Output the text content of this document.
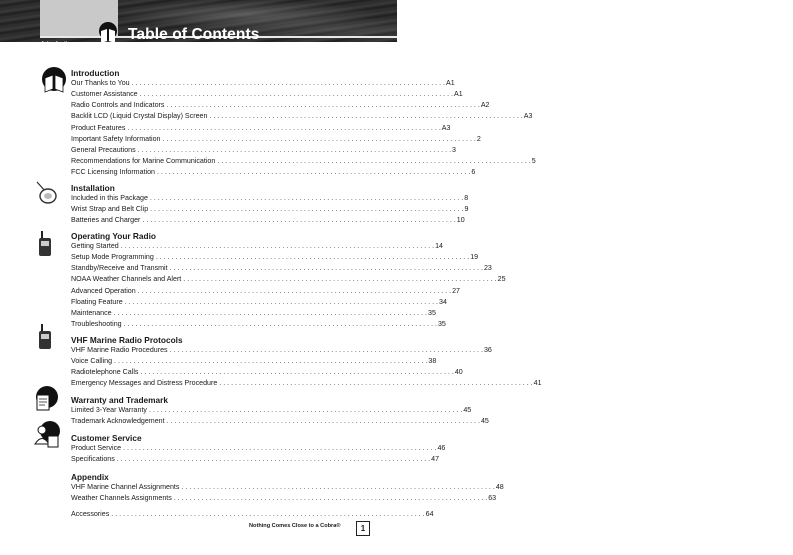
Introduction
Table of Contents
Introduction
Our Thanks to You . . .	A1
Customer Assistance . . .	A1
Radio Controls and Indicators . . .	A2
Backlit LCD (Liquid Crystal Display) Screen . . .	A3
Product Features . . .	A3
Important Safety Information . . .	2
General Precautions . . .	3
Recommendations for Marine Communication . . .	5
FCC Licensing Information . . .	6
Installation
Included in this Package . . .	8
Wrist Strap and Belt Clip . . .	9
Batteries and Charger . . .	10
Operating Your Radio
Getting Started . . .	14
Setup Mode Programming . . .	19
Standby/Receive and Transmit . . .	23
NOAA Weather Channels and Alert . . .	25
Advanced Operation . . .	27
Floating Feature . . .	34
Maintenance . . .	35
Troubleshooting . . .	35
VHF Marine Radio Protocols
VHF Marine Radio Procedures . . .	36
Voice Calling . . .	38
Radiotelephone Calls . . .	40
Emergency Messages and Distress Procedure . . .	41
Warranty and Trademark
Limited 3-Year Warranty . . .	45
Trademark Acknowledgement . . .	45
Customer Service
Product Service . . .	46
Specifications . . .	47
Appendix
VHF Marine Channel Assignments . . .	48
Weather Channels Assignments . . .	63
Accessories . . .	64
Nothing Comes Close to a Cobra®	1
